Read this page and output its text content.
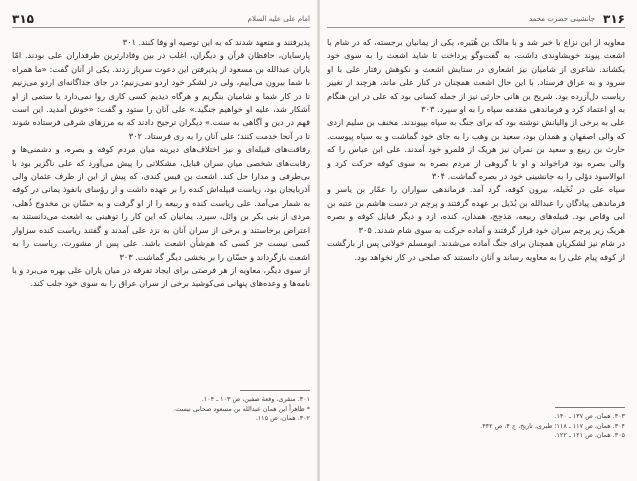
۳۱۵	امام علی علیه السلام

پذیرفتند و متعهد شدند که به این توصیه او وفا کنند. ۳۰۱

پارسایان، حافظان قرآن و دیگران، اغلب در بین وفادارترین طرفداران علی بودند. امّا یاران عبدالله بن مسعود از پذیرفتن این دعوت سرباز زدند. یکی از آنان گفت: «ما همراه با شما بیرون می‌آییم، ولی در لشکر خود اردو نمی‌زنیم؛ در جای جداگانه‌ای اردو می‌زنیم تا در کار شما و شامیان بنگریم و هرگاه دیدیم کسی کاری روا نمی‌دارد یا ستمی از او آشکار شد، علیه او خواهیم جنگید.» علی آنان را ستود و گفت: «خوش آمدید. این است فهم در دین و آگاهی به سنت.» دیگران ترجیح دادند که به مرزهای شرقی فرستاده شوند تا در آنجا خدمت کنند؛ علی آنان را به ری فرستاد. ۳۰۲

رفاقت‌های قبیله‌ای و نیز اختلاف‌های دیرینه میان مردم کوفه و بصره، و دشمنی‌ها و رقابت‌های شخصی میان سران قبایل، مشکلاتی را پیش می‌آورد که علی ناگزیر بود با بی‌طرفی و مدارا حل کند. اشعث بن قیس کندی، که پیش از این از طرف عثمان والی آذربایجان بود، ریاست قبیله‌اش کنده را بر عهده داشت و از رؤسای بانفوذ یمانی در کوفه به شمار می‌آمد. علی ریاست کنده و ربیعه را از او گرفت و به حسّان بن مخدوج ذُهلی، مردی از بنی بکر بن وائل، سپرد. یمانیان که این کار را توهینی به اشعث می‌دانستند به اعتراض برخاستند و برخی از سران آنان به نزد علی آمدند و گفتند ریاست کنده سزاوار کسی نیست جز کسی که هم‌شأن اشعث باشد. علی پس از مشورت، ریاست را به اشعث بازگرداند و حسّان را بر بخشی دیگر گماشت. ۳۰۳

از سوی دیگر، معاویه از هر فرصتی برای ایجاد تفرقه در میان یاران علی بهره می‌برد و با نامه‌ها و وعده‌های پنهانی می‌کوشید برخی از سران عراق را به سوی خود جلب کند.

۳۰۱. منقری، وقعة صفین، ص ۱۰۳ ـ ۱۰۴.
* ظاهراً این همان عبدالله بن مسعود صحابی نیست.
۳۰۲. همان، ص ۱۱۵.
۳۱۶
جانشینی حضرت محمد

معاویه از این نزاع با خبر شد و با مالک بن هُبَیره، یکی از یمانیان برجسته، که در شام با اشعث پیوند خویشاوندی داشت، به گفت‌وگو پرداخت تا شاید اشعث را به سوی خود بکشاند. شاعری از شامیان نیز اشعاری در ستایش اشعث و نکوهش رفتار علی با او سرود و به عراق فرستاد. با این حال اشعث همچنان در کنار علی ماند، هرچند از تغییر ریاست دل‌آزرده بود. شریح بن هانی حارثی نیز از جمله کسانی بود که علی در این هنگام به او اعتماد کرد و فرماندهی مقدمه سپاه را به او سپرد. ۳۰۳

علی به برخی از والیانش نوشته بود که برای جنگ به سپاه بپیوندند. مخنف بن سلیم ازدی که والی اصفهان و همدان بود، سعید بن وهب را به جای خود گماشت و به سپاه پیوست. حارث بن ربیع و سعید بن نمران نیز هریک از قلمرو خود آمدند. علی ابن عباس را که والی بصره بود فراخواند و او با گروهی از مردم بصره به سوی کوفه حرکت کرد و ابوالاسود دؤلی را به جانشینی خود در بصره گماشت. ۳۰۴

سپاه علی در نُخَیله، بیرون کوفه، گرد آمد. فرماندهی سواران را عمّار بن یاسر و فرماندهی پیادگان را عبدالله بن بُدَیل بر عهده گرفتند و پرچم در دست هاشم بن عتبه بن ابی وقاص بود. قبیله‌های ربیعه، مَذحِج، همدان، کنده، ازد و دیگر قبایل کوفه و بصره هریک زیر پرچم سران خود قرار گرفتند و آماده حرکت به سوی شام شدند. ۳۰۵

در شام نیز لشکریان همچنان برای جنگ آماده می‌شدند. ابومسلم خولانی پس از بازگشت از کوفه پیام علی را به معاویه رساند و آنان دانستند که صلحی در کار نخواهد بود.

۳۰۳. همان، ص ۱۳۷ ـ ۱۴۰.
۳۰۴. همان، ص ۱۱۷ ـ ۱۱۸؛ طبری، تاریخ، ج ۴، ص ۴۴۲.
۳۰۵. همان، ص ۱۲۱ ـ ۱۲۲.
